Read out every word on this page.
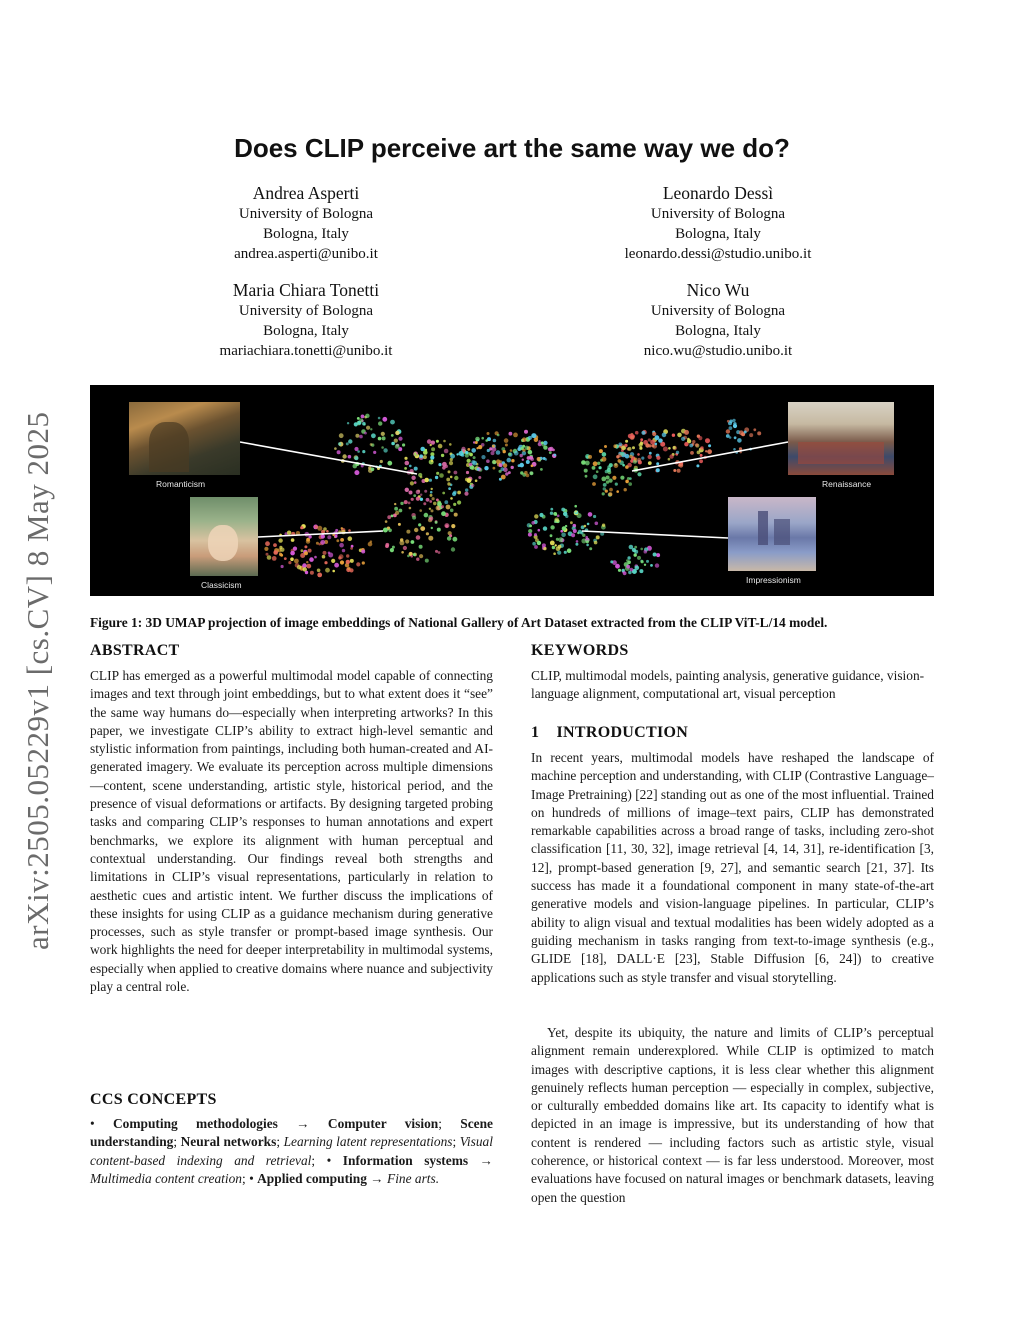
arXiv:2505.05229v1 [cs.CV] 8 May 2025
Does CLIP perceive art the same way we do?
Andrea Asperti
University of Bologna
Bologna, Italy
andrea.asperti@unibo.it
Leonardo Dessì
University of Bologna
Bologna, Italy
leonardo.dessi@studio.unibo.it
Maria Chiara Tonetti
University of Bologna
Bologna, Italy
mariachiara.tonetti@unibo.it
Nico Wu
University of Bologna
Bologna, Italy
nico.wu@studio.unibo.it
Romanticism
Classicism
Renaissance
Impressionism
Figure 1: 3D UMAP projection of image embeddings of National Gallery of Art Dataset extracted from the CLIP ViT-L/14 model.
ABSTRACT

CLIP has emerged as a powerful multimodal model capable of connecting images and text through joint embeddings, but to what extent does it “see” the same way humans do—especially when interpreting artworks? In this paper, we investigate CLIP’s ability to extract high-level semantic and stylistic information from paintings, including both human-created and AI-generated imagery. We evaluate its perception across multiple dimensions—content, scene understanding, artistic style, historical period, and the presence of visual deformations or artifacts. By designing targeted probing tasks and comparing CLIP’s responses to human annotations and expert benchmarks, we explore its alignment with human perceptual and contextual understanding. Our findings reveal both strengths and limitations in CLIP’s visual representations, particularly in relation to aesthetic cues and artistic intent. We further discuss the implications of these insights for using CLIP as a guidance mechanism during generative processes, such as style transfer or prompt-based image synthesis. Our work highlights the need for deeper interpretability in multimodal systems, especially when applied to creative domains where nuance and subjectivity play a central role.

CCS CONCEPTS

• Computing methodologies → Computer vision; Scene understanding; Neural networks; Learning latent representations; Visual content-based indexing and retrieval; • Information systems → Multimedia content creation; • Applied computing → Fine arts.

KEYWORDS

CLIP, multimodal models, painting analysis, generative guidance, vision-language alignment, computational art, visual perception

1    INTRODUCTION

In recent years, multimodal models have reshaped the landscape of machine perception and understanding, with CLIP (Contrastive Language–Image Pretraining) [22] standing out as one of the most influential. Trained on hundreds of millions of image–text pairs, CLIP has demonstrated remarkable capabilities across a broad range of tasks, including zero-shot classification [11, 30, 32], image retrieval [4, 14, 31], re-identification [3, 12], prompt-based generation [9, 27], and semantic search [21, 37]. Its success has made it a foundational component in many state-of-the-art generative models and vision-language pipelines. In particular, CLIP’s ability to align visual and textual modalities has been widely adopted as a guiding mechanism in tasks ranging from text-to-image synthesis (e.g., GLIDE [18], DALL·E [23], Stable Diffusion [6, 24]) to creative applications such as style transfer and visual storytelling.

Yet, despite its ubiquity, the nature and limits of CLIP’s perceptual alignment remain underexplored. While CLIP is optimized to match images with descriptive captions, it is less clear whether this alignment genuinely reflects human perception — especially in complex, subjective, or culturally embedded domains like art. Its capacity to identify what is depicted in an image is impressive, but its understanding of how that content is rendered — including factors such as artistic style, visual coherence, or historical context — is far less understood. Moreover, most evaluations have focused on natural images or benchmark datasets, leaving open the question
